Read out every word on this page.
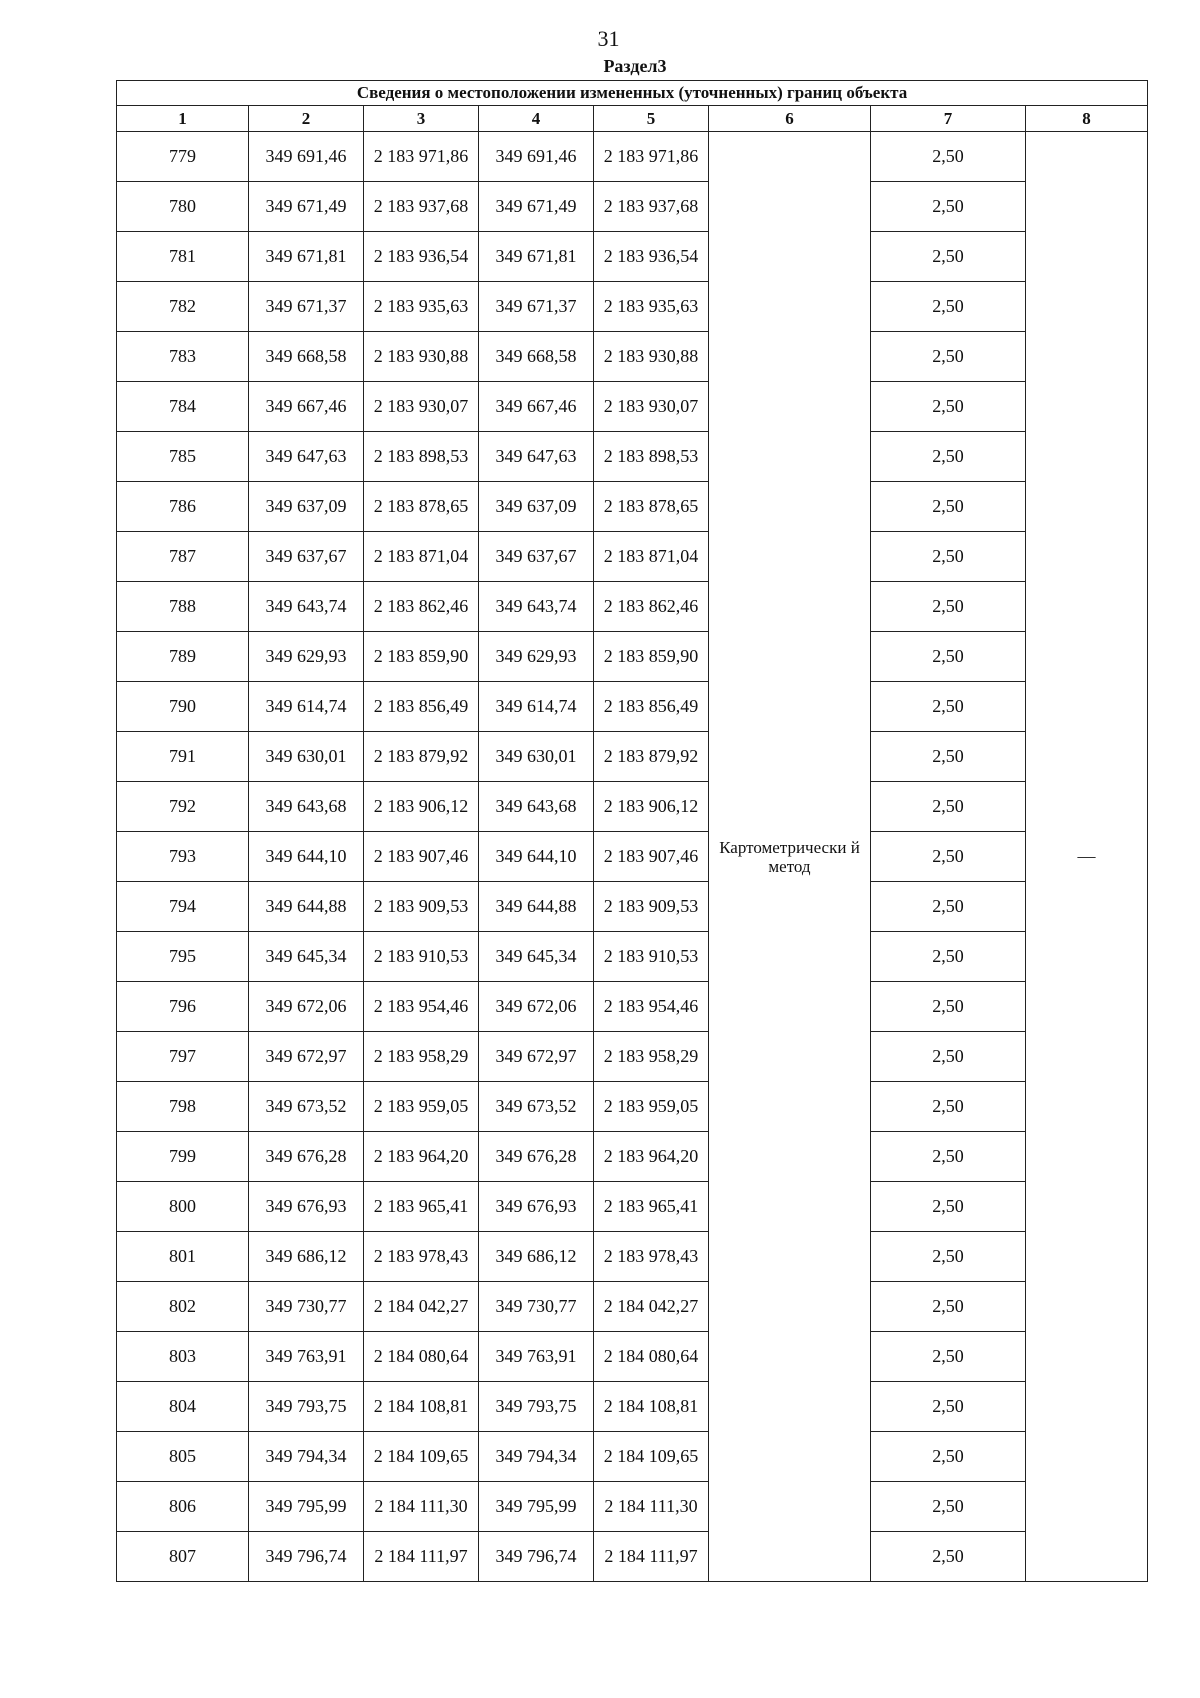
31
Раздел3
Сведения о местоположении измененных (уточненных) границ объекта							
1	2	3	4	5	6	7	8
779	349 691,46	2 183 971,86	349 691,46	2 183 971,86	Картометрически й метод	2,50	—
780	349 671,49	2 183 937,68	349 671,49	2 183 937,68		2,50	
781	349 671,81	2 183 936,54	349 671,81	2 183 936,54		2,50	
782	349 671,37	2 183 935,63	349 671,37	2 183 935,63		2,50	
783	349 668,58	2 183 930,88	349 668,58	2 183 930,88		2,50	
784	349 667,46	2 183 930,07	349 667,46	2 183 930,07		2,50	
785	349 647,63	2 183 898,53	349 647,63	2 183 898,53		2,50	
786	349 637,09	2 183 878,65	349 637,09	2 183 878,65		2,50	
787	349 637,67	2 183 871,04	349 637,67	2 183 871,04		2,50	
788	349 643,74	2 183 862,46	349 643,74	2 183 862,46		2,50	
789	349 629,93	2 183 859,90	349 629,93	2 183 859,90		2,50	
790	349 614,74	2 183 856,49	349 614,74	2 183 856,49		2,50	
791	349 630,01	2 183 879,92	349 630,01	2 183 879,92		2,50	
792	349 643,68	2 183 906,12	349 643,68	2 183 906,12		2,50	
793	349 644,10	2 183 907,46	349 644,10	2 183 907,46		2,50	
794	349 644,88	2 183 909,53	349 644,88	2 183 909,53		2,50	
795	349 645,34	2 183 910,53	349 645,34	2 183 910,53		2,50	
796	349 672,06	2 183 954,46	349 672,06	2 183 954,46		2,50	
797	349 672,97	2 183 958,29	349 672,97	2 183 958,29		2,50	
798	349 673,52	2 183 959,05	349 673,52	2 183 959,05		2,50	
799	349 676,28	2 183 964,20	349 676,28	2 183 964,20		2,50	
800	349 676,93	2 183 965,41	349 676,93	2 183 965,41		2,50	
801	349 686,12	2 183 978,43	349 686,12	2 183 978,43		2,50	
802	349 730,77	2 184 042,27	349 730,77	2 184 042,27		2,50	
803	349 763,91	2 184 080,64	349 763,91	2 184 080,64		2,50	
804	349 793,75	2 184 108,81	349 793,75	2 184 108,81		2,50	
805	349 794,34	2 184 109,65	349 794,34	2 184 109,65		2,50	
806	349 795,99	2 184 111,30	349 795,99	2 184 111,30		2,50	
807	349 796,74	2 184 111,97	349 796,74	2 184 111,97		2,50	
